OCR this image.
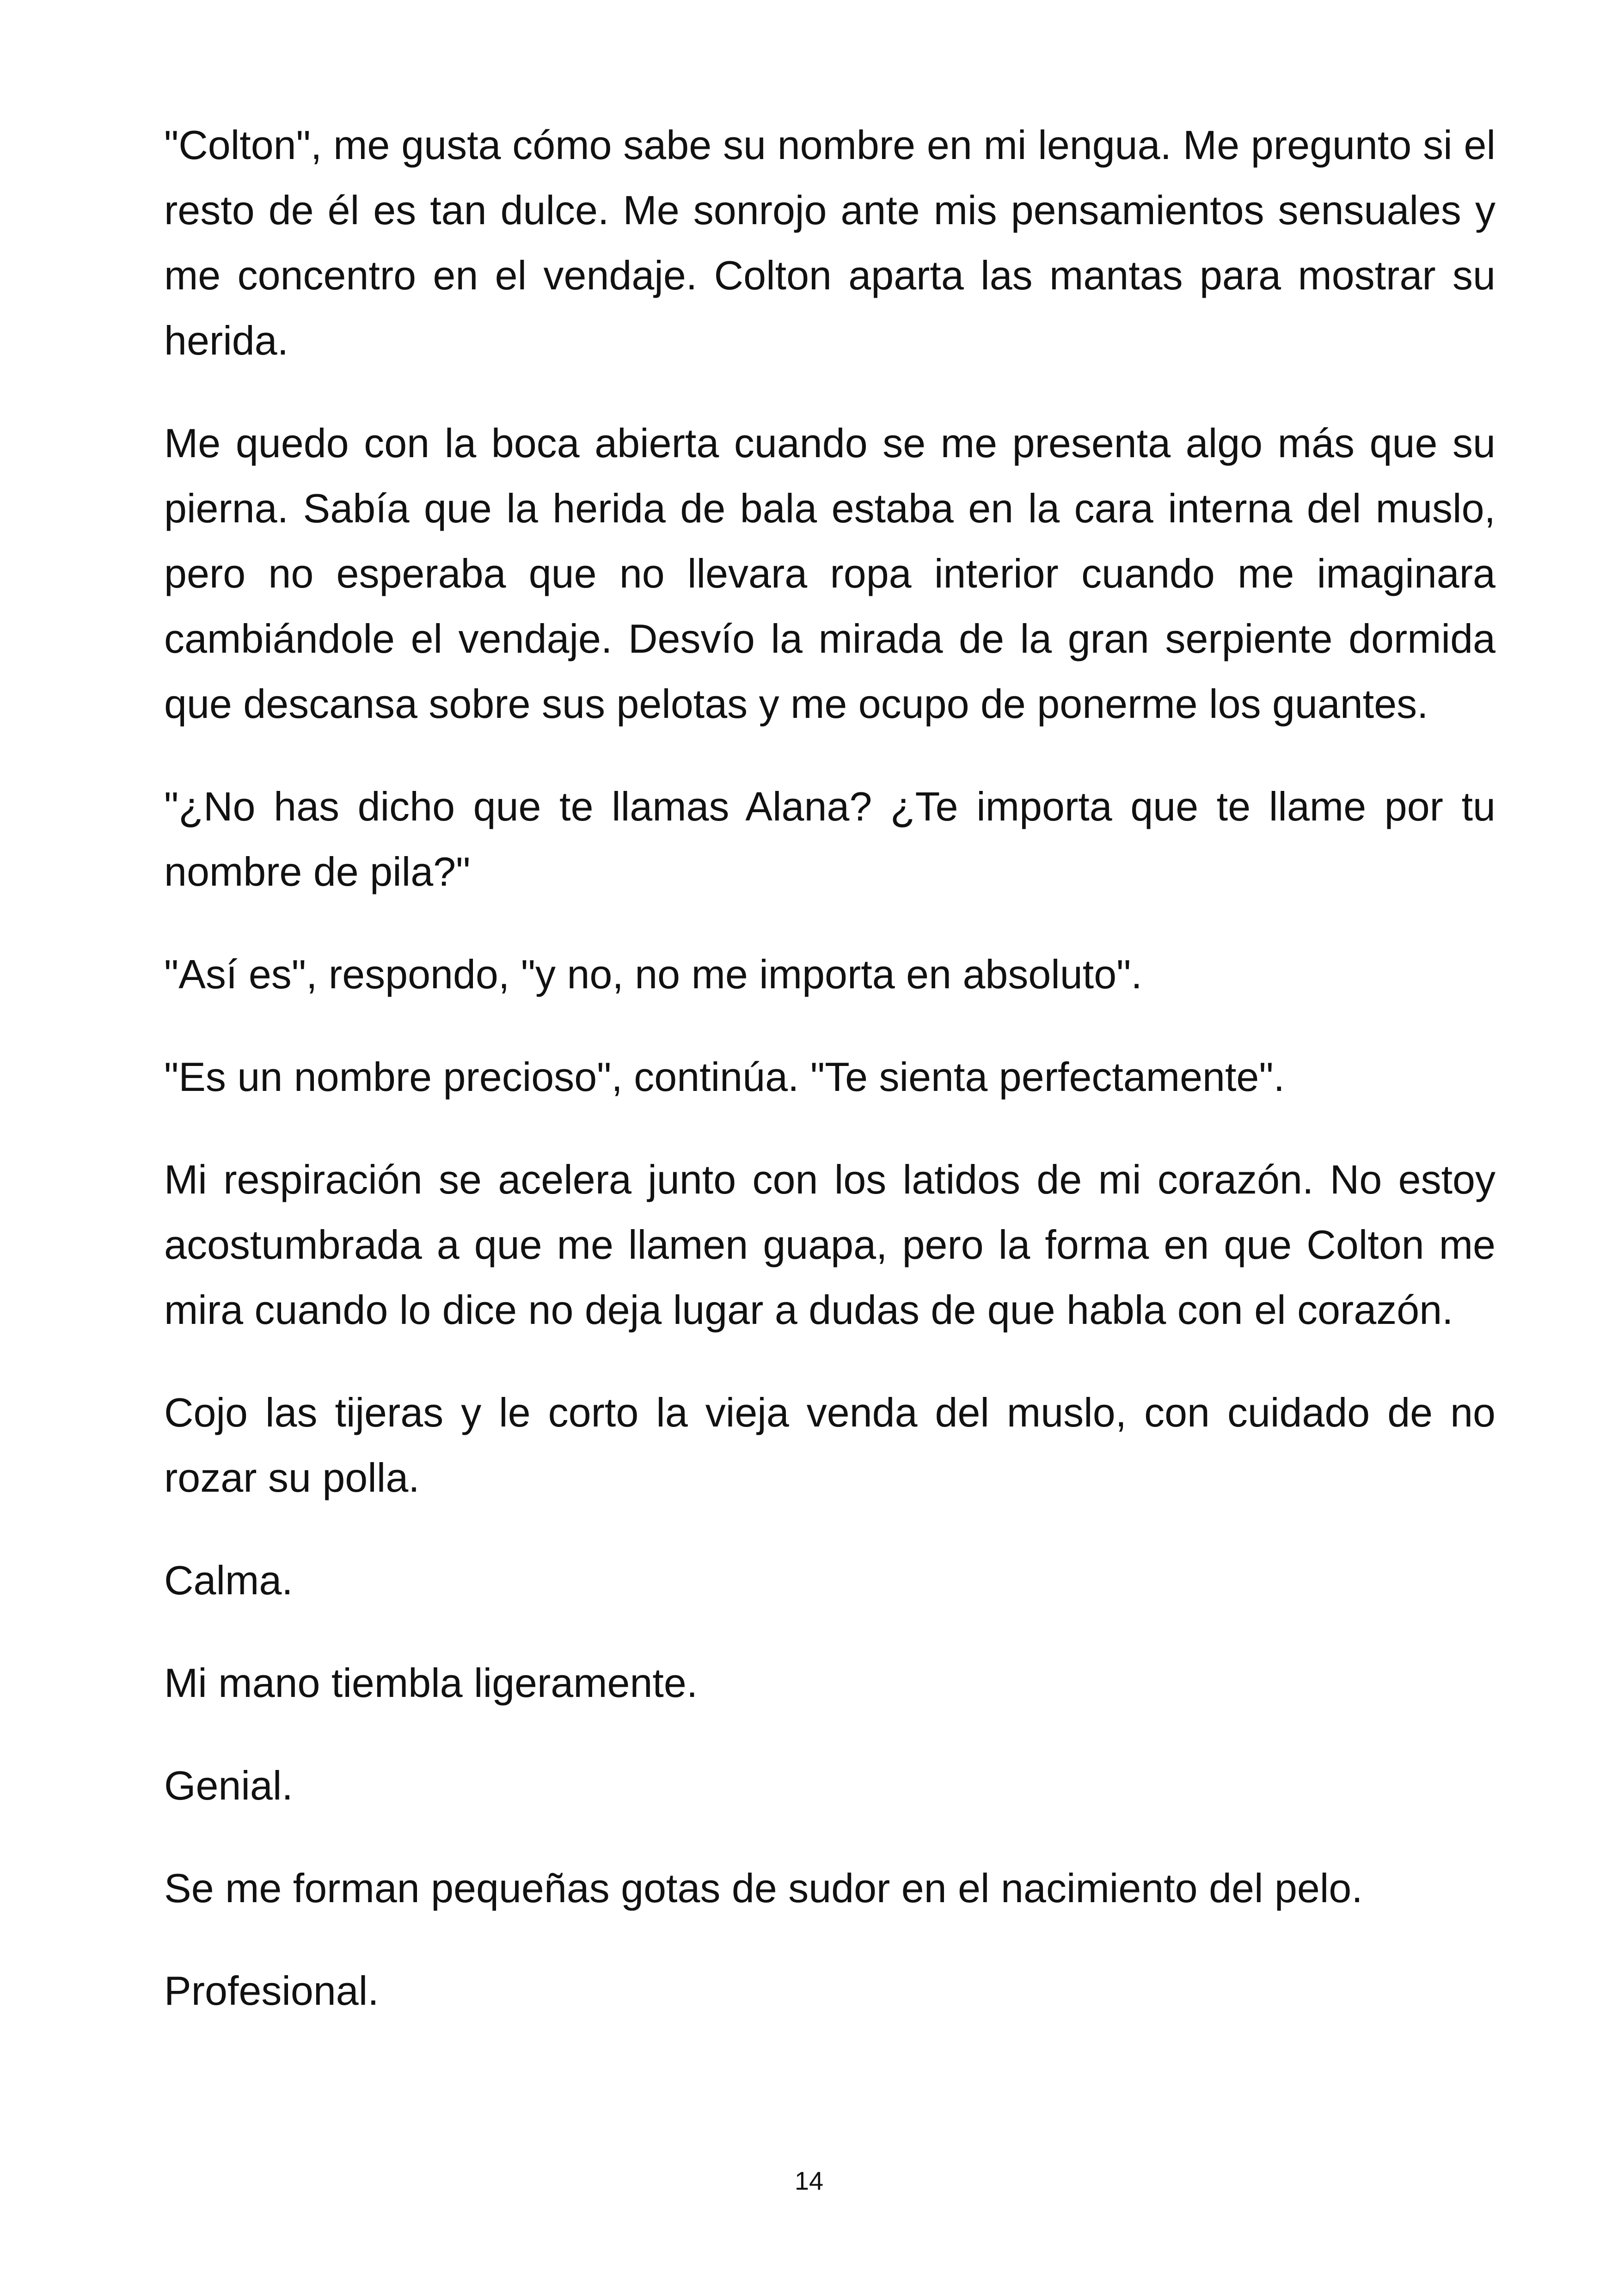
"Colton", me gusta cómo sabe su nombre en mi lengua. Me pregunto si el resto de él es tan dulce. Me sonrojo ante mis pensamientos sensuales y me concentro en el vendaje. Colton aparta las mantas para mostrar su herida.

Me quedo con la boca abierta cuando se me presenta algo más que su pierna. Sabía que la herida de bala estaba en la cara interna del muslo, pero no esperaba que no llevara ropa interior cuando me imaginara cambiándole el vendaje. Desvío la mirada de la gran serpiente dormida que descansa sobre sus pelotas y me ocupo de ponerme los guantes.

"¿No has dicho que te llamas Alana? ¿Te importa que te llame por tu nombre de pila?"

"Así es", respondo, "y no, no me importa en absoluto".

"Es un nombre precioso", continúa. "Te sienta perfectamente".

Mi respiración se acelera junto con los latidos de mi corazón. No estoy acostumbrada a que me llamen guapa, pero la forma en que Colton me mira cuando lo dice no deja lugar a dudas de que habla con el corazón.

Cojo las tijeras y le corto la vieja venda del muslo, con cuidado de no rozar su polla.

Calma.

Mi mano tiembla ligeramente.

Genial.

Se me forman pequeñas gotas de sudor en el nacimiento del pelo.

Profesional.

14
